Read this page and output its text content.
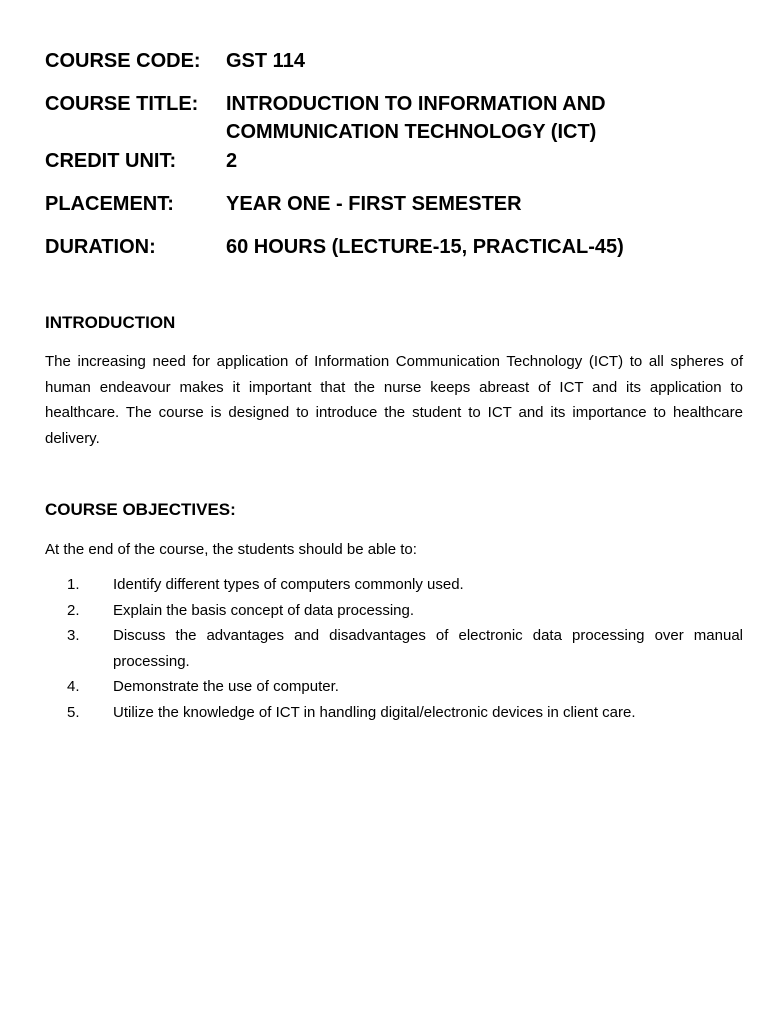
COURSE CODE: GST 114
COURSE TITLE: INTRODUCTION TO INFORMATION AND
COMMUNICATION TECHNOLOGY (ICT)
CREDIT UNIT: 2
PLACEMENT:	YEAR ONE - FIRST SEMESTER
DURATION:	60 HOURS (LECTURE-15, PRACTICAL-45)
INTRODUCTION
The increasing need for application of Information Communication Technology (ICT) to all spheres of human endeavour makes it important that the nurse keeps abreast of ICT and its application to healthcare. The course is designed to introduce the student to ICT and its importance to healthcare delivery.
COURSE OBJECTIVES:
At the end of the course, the students should be able to:
1.	Identify different types of computers commonly used.
2.	Explain the basis concept of data processing.
3.	Discuss the advantages and disadvantages of electronic data processing over manual processing.
4.	Demonstrate the use of computer.
5.	Utilize the knowledge of ICT in handling digital/electronic devices in client care.
